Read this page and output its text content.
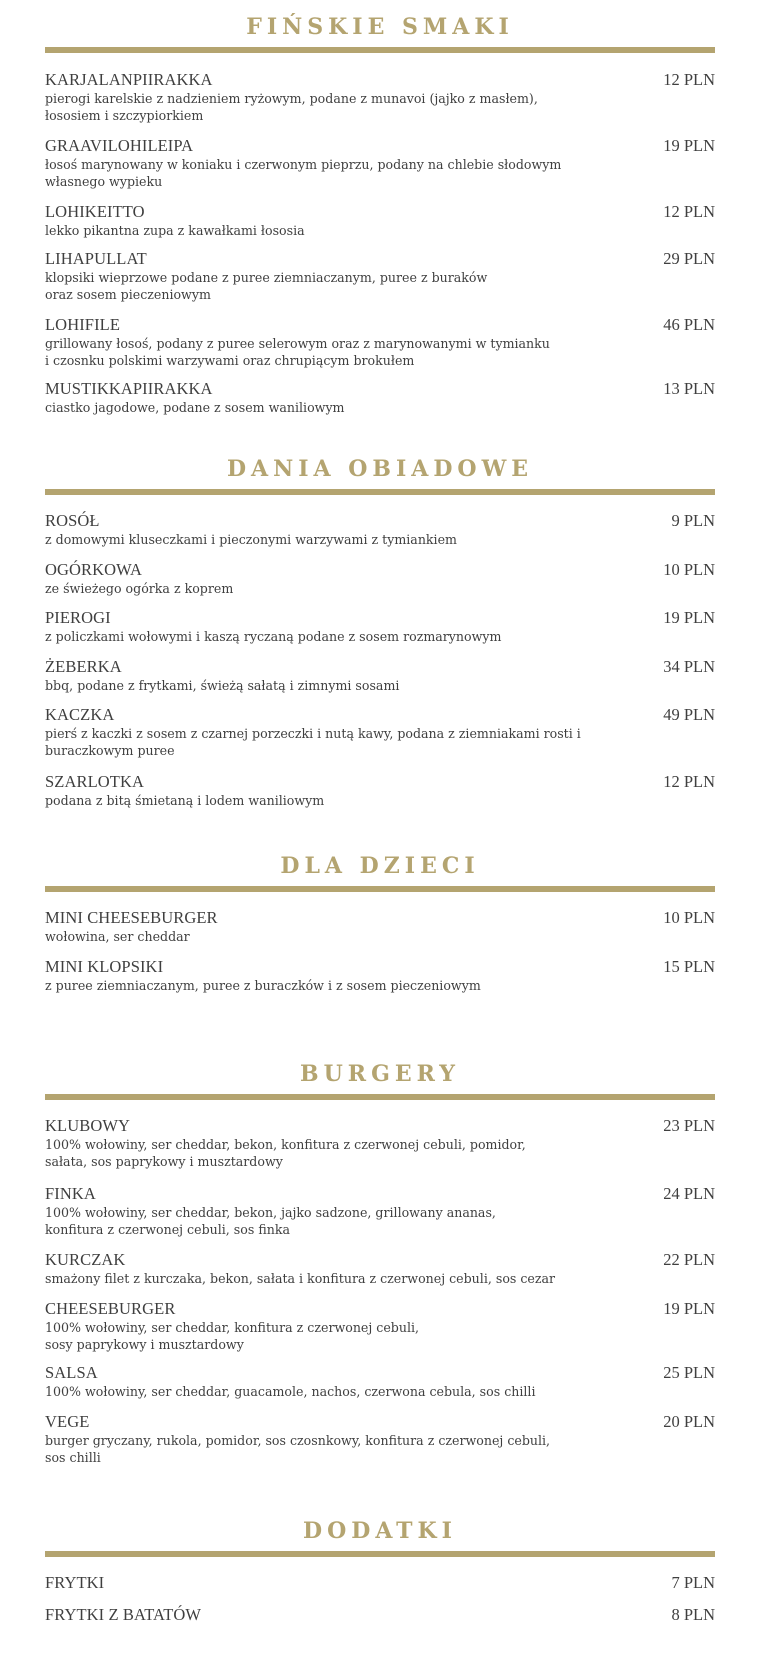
FIŃSKIE SMAKI
KARJALANPIIRAKKA	12 PLN
pierogi karelskie z nadzieniem ryżowym, podane z munavoi (jajko z masłem),
łososiem i szczypiorkiem
GRAAVILOHILEIPA	19 PLN
łosoś marynowany w koniaku i czerwonym pieprzu, podany na chlebie słodowym
własnego wypieku
LOHIKEITTO	12 PLN
lekko pikantna zupa z kawałkami łososia
LIHAPULLAT	29 PLN
klopsiki wieprzowe podane z puree ziemniaczanym, puree z buraków
oraz sosem pieczeniowym
LOHIFILE	46 PLN
grillowany łosoś, podany z puree selerowym oraz z marynowanymi w tymianku
i czosnku polskimi warzywami oraz chrupiącym brokułem
MUSTIKKAPIIRAKKA	13 PLN
ciastko jagodowe, podane z sosem waniliowym
DANIA OBIADOWE
ROSÓŁ	9 PLN
z domowymi kluseczkami i pieczonymi warzywami z tymiankiem
OGÓRKOWA	10 PLN
ze świeżego ogórka z koprem
PIEROGI	19 PLN
z policzkami wołowymi i kaszą ryczaną podane z sosem rozmarynowym
ŻEBERKA	34 PLN
bbq, podane z frytkami, świeżą sałatą i zimnymi sosami
KACZKA	49 PLN
pierś z kaczki z sosem z czarnej porzeczki i nutą kawy, podana z ziemniakami rosti i
buraczkowym puree
SZARLOTKA	12 PLN
podana z bitą śmietaną i lodem waniliowym
DLA DZIECI
MINI CHEESEBURGER	10 PLN
wołowina, ser cheddar
MINI KLOPSIKI	15 PLN
z puree ziemniaczanym, puree z buraczków i z sosem pieczeniowym
BURGERY
KLUBOWY	23 PLN
100% wołowiny, ser cheddar, bekon, konfitura z czerwonej cebuli, pomidor,
sałata, sos paprykowy i musztardowy
FINKA	24 PLN
100% wołowiny, ser cheddar, bekon, jajko sadzone, grillowany ananas,
konfitura z czerwonej cebuli, sos finka
KURCZAK	22 PLN
smażony filet z kurczaka, bekon, sałata i konfitura z czerwonej cebuli, sos cezar
CHEESEBURGER	19 PLN
100% wołowiny, ser cheddar, konfitura z czerwonej cebuli,
sosy paprykowy i musztardowy
SALSA	25 PLN
100% wołowiny, ser cheddar, guacamole, nachos, czerwona cebula, sos chilli
VEGE	20 PLN
burger gryczany, rukola, pomidor, sos czosnkowy, konfitura z czerwonej cebuli,
sos chilli
DODATKI
FRYTKI	7 PLN
FRYTKI Z BATATÓW	8 PLN
